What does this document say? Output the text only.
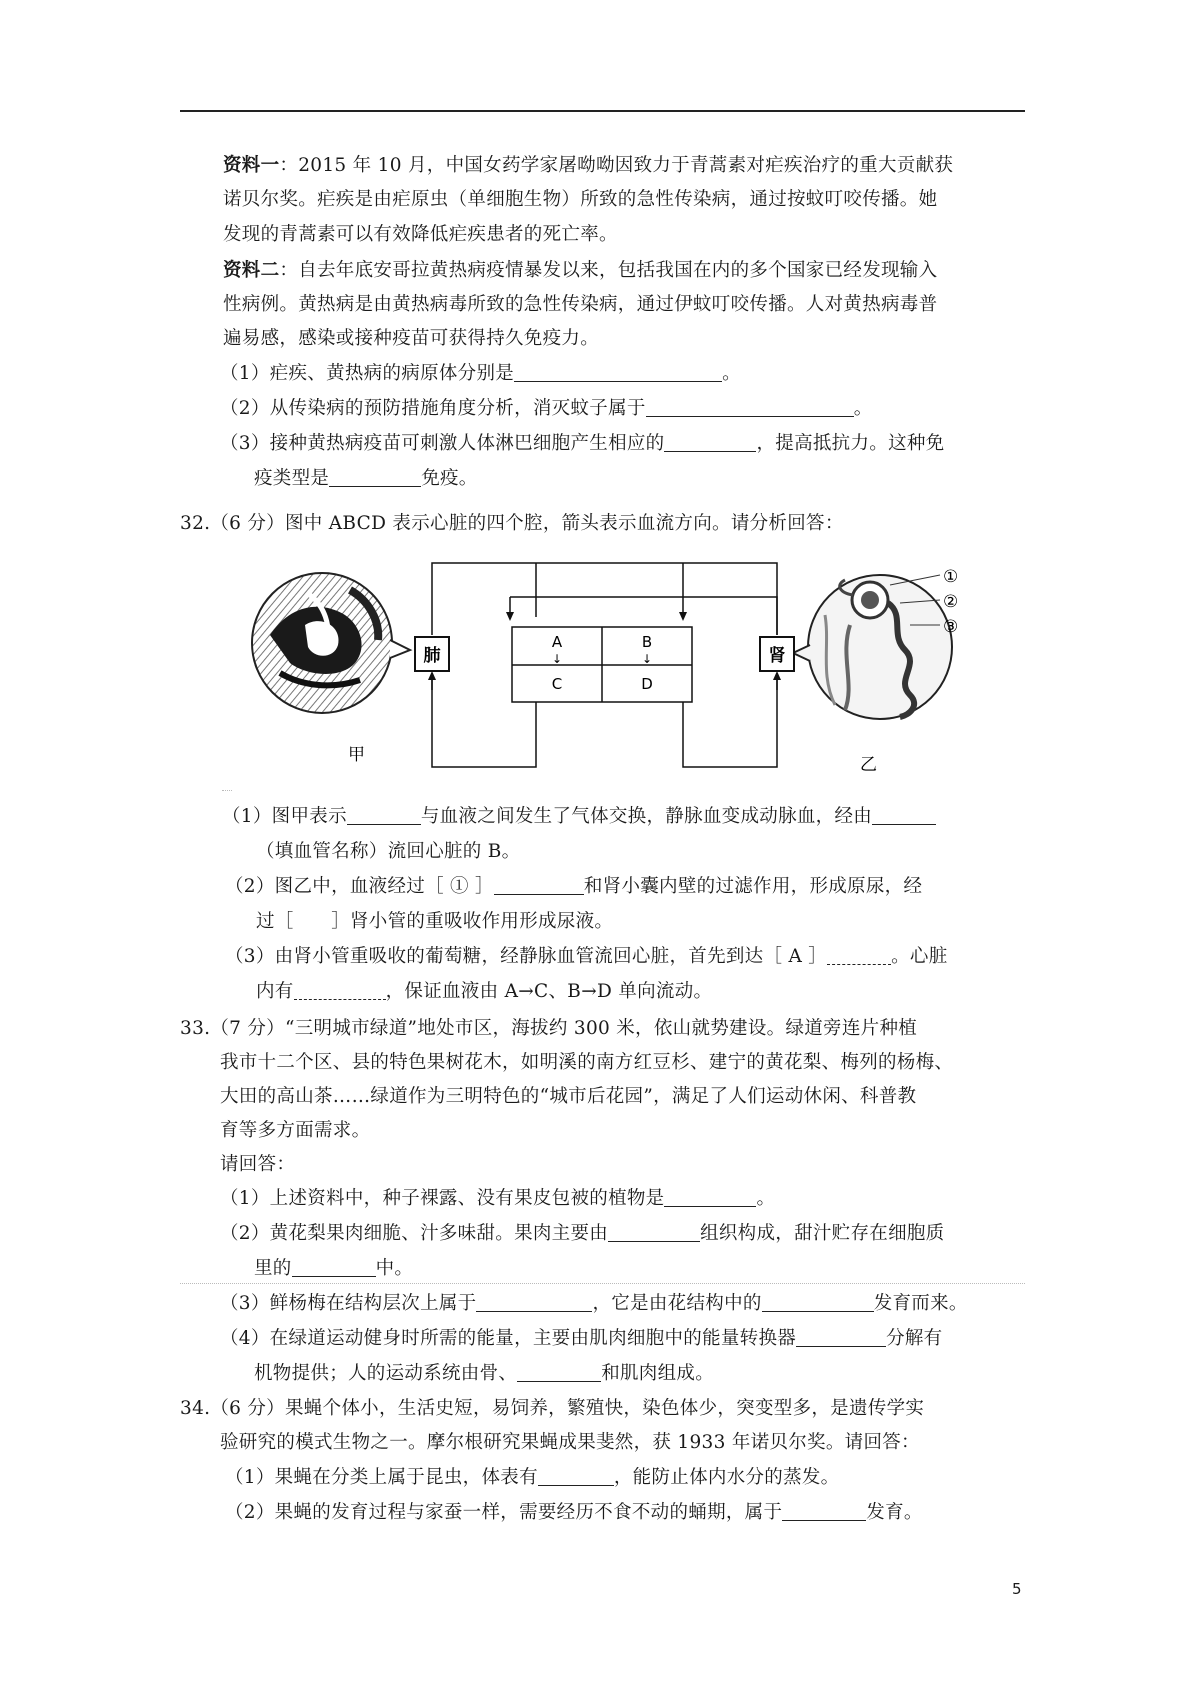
资料一：2015 年 10 月，中国女药学家屠呦呦因致力于青蒿素对疟疾治疗的重大贡献获
诺贝尔奖。疟疾是由疟原虫（单细胞生物）所致的急性传染病，通过按蚊叮咬传播。她
发现的青蒿素可以有效降低疟疾患者的死亡率。
资料二：自去年底安哥拉黄热病疫情暴发以来，包括我国在内的多个国家已经发现输入
性病例。黄热病是由黄热病毒所致的急性传染病，通过伊蚊叮咬传播。人对黄热病毒普
遍易感，感染或接种疫苗可获得持久免疫力。
（1）疟疾、黄热病的病原体分别是	。
（2）从传染病的预防措施角度分析，消灭蚊子属于	。
（3）接种黄热病疫苗可刺激人体淋巴细胞产生相应的	，提高抵抗力。这种免
疫类型是	免疫。
32.（6 分）图中 ABCD 表示心脏的四个腔，箭头表示血流方向。请分析回答：
①
②
③
A
↓
C
B
↓
D
肺	肾
甲	乙
（1）图甲表示	与血液之间发生了气体交换，静脉血变成动脉血，经由
（填血管名称）流回心脏的 B。
（2）图乙中，血液经过［ ① ］	和肾小囊内壁的过滤作用，形成原尿，经
过［　　］肾小管的重吸收作用形成尿液。
（3）由肾小管重吸收的葡萄糖，经静脉血管流回心脏，首先到达［ A ］	。心脏
内有	，保证血液由 A→C、B→D 单向流动。
33.（7 分）“三明城市绿道”地处市区，海拔约 300 米，依山就势建设。绿道旁连片种植
我市十二个区、县的特色果树花木，如明溪的南方红豆杉、建宁的黄花梨、梅列的杨梅、
大田的高山茶……绿道作为三明特色的“城市后花园”，满足了人们运动休闲、科普教
育等多方面需求。
请回答：
（1）上述资料中，种子裸露、没有果皮包被的植物是	。
（2）黄花梨果肉细脆、汁多味甜。果肉主要由	组织构成，甜汁贮存在细胞质
里的	中。
（3）鲜杨梅在结构层次上属于	，它是由花结构中的	发育而来。
（4）在绿道运动健身时所需的能量，主要由肌肉细胞中的能量转换器	分解有
机物提供；人的运动系统由骨、	和肌肉组成。
34.（6 分）果蝇个体小，生活史短，易饲养，繁殖快，染色体少，突变型多，是遗传学实
验研究的模式生物之一。摩尔根研究果蝇成果斐然，获 1933 年诺贝尔奖。请回答：
（1）果蝇在分类上属于昆虫，体表有	，能防止体内水分的蒸发。
（2）果蝇的发育过程与家蚕一样，需要经历不食不动的蛹期，属于	发育。
5
